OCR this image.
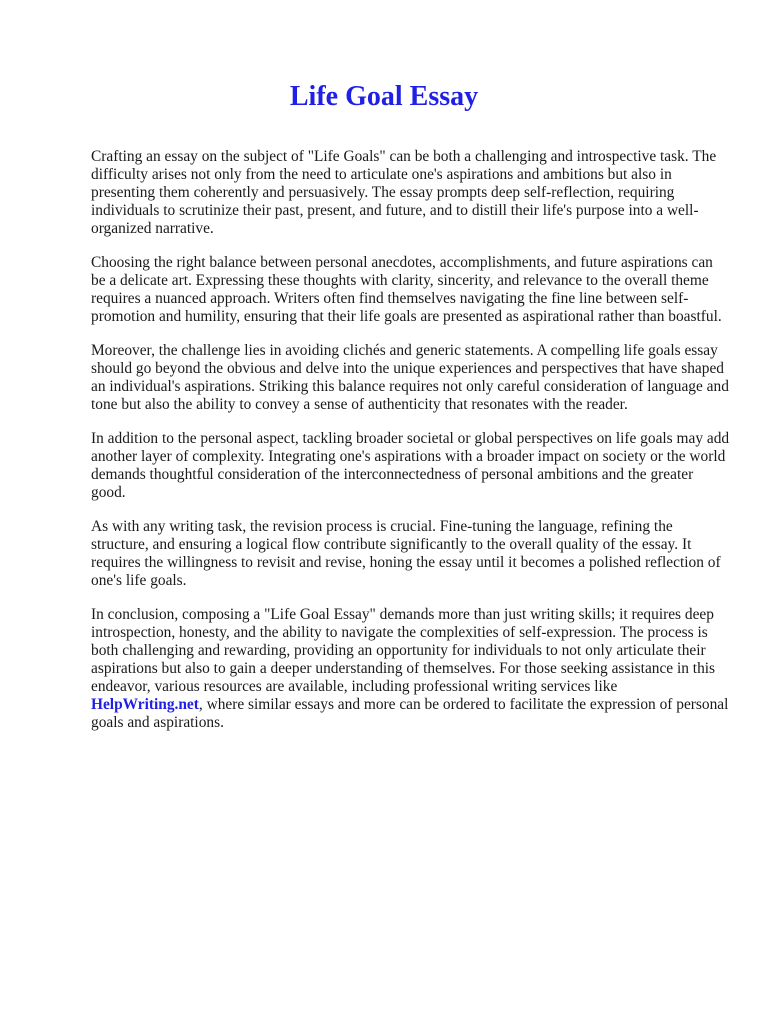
Life Goal Essay

Crafting an essay on the subject of "Life Goals" can be both a challenging and introspective task. The difficulty arises not only from the need to articulate one's aspirations and ambitions but also in presenting them coherently and persuasively. The essay prompts deep self-reflection, requiring individuals to scrutinize their past, present, and future, and to distill their life's purpose into a well-organized narrative.

Choosing the right balance between personal anecdotes, accomplishments, and future aspirations can be a delicate art. Expressing these thoughts with clarity, sincerity, and relevance to the overall theme requires a nuanced approach. Writers often find themselves navigating the fine line between self-promotion and humility, ensuring that their life goals are presented as aspirational rather than boastful.

Moreover, the challenge lies in avoiding clichés and generic statements. A compelling life goals essay should go beyond the obvious and delve into the unique experiences and perspectives that have shaped an individual's aspirations. Striking this balance requires not only careful consideration of language and tone but also the ability to convey a sense of authenticity that resonates with the reader.

In addition to the personal aspect, tackling broader societal or global perspectives on life goals may add another layer of complexity. Integrating one's aspirations with a broader impact on society or the world demands thoughtful consideration of the interconnectedness of personal ambitions and the greater good.

As with any writing task, the revision process is crucial. Fine-tuning the language, refining the structure, and ensuring a logical flow contribute significantly to the overall quality of the essay. It requires the willingness to revisit and revise, honing the essay until it becomes a polished reflection of one's life goals.

In conclusion, composing a "Life Goal Essay" demands more than just writing skills; it requires deep introspection, honesty, and the ability to navigate the complexities of self-expression. The process is both challenging and rewarding, providing an opportunity for individuals to not only articulate their aspirations but also to gain a deeper understanding of themselves. For those seeking assistance in this endeavor, various resources are available, including professional writing services like HelpWriting.net, where similar essays and more can be ordered to facilitate the expression of personal goals and aspirations.
